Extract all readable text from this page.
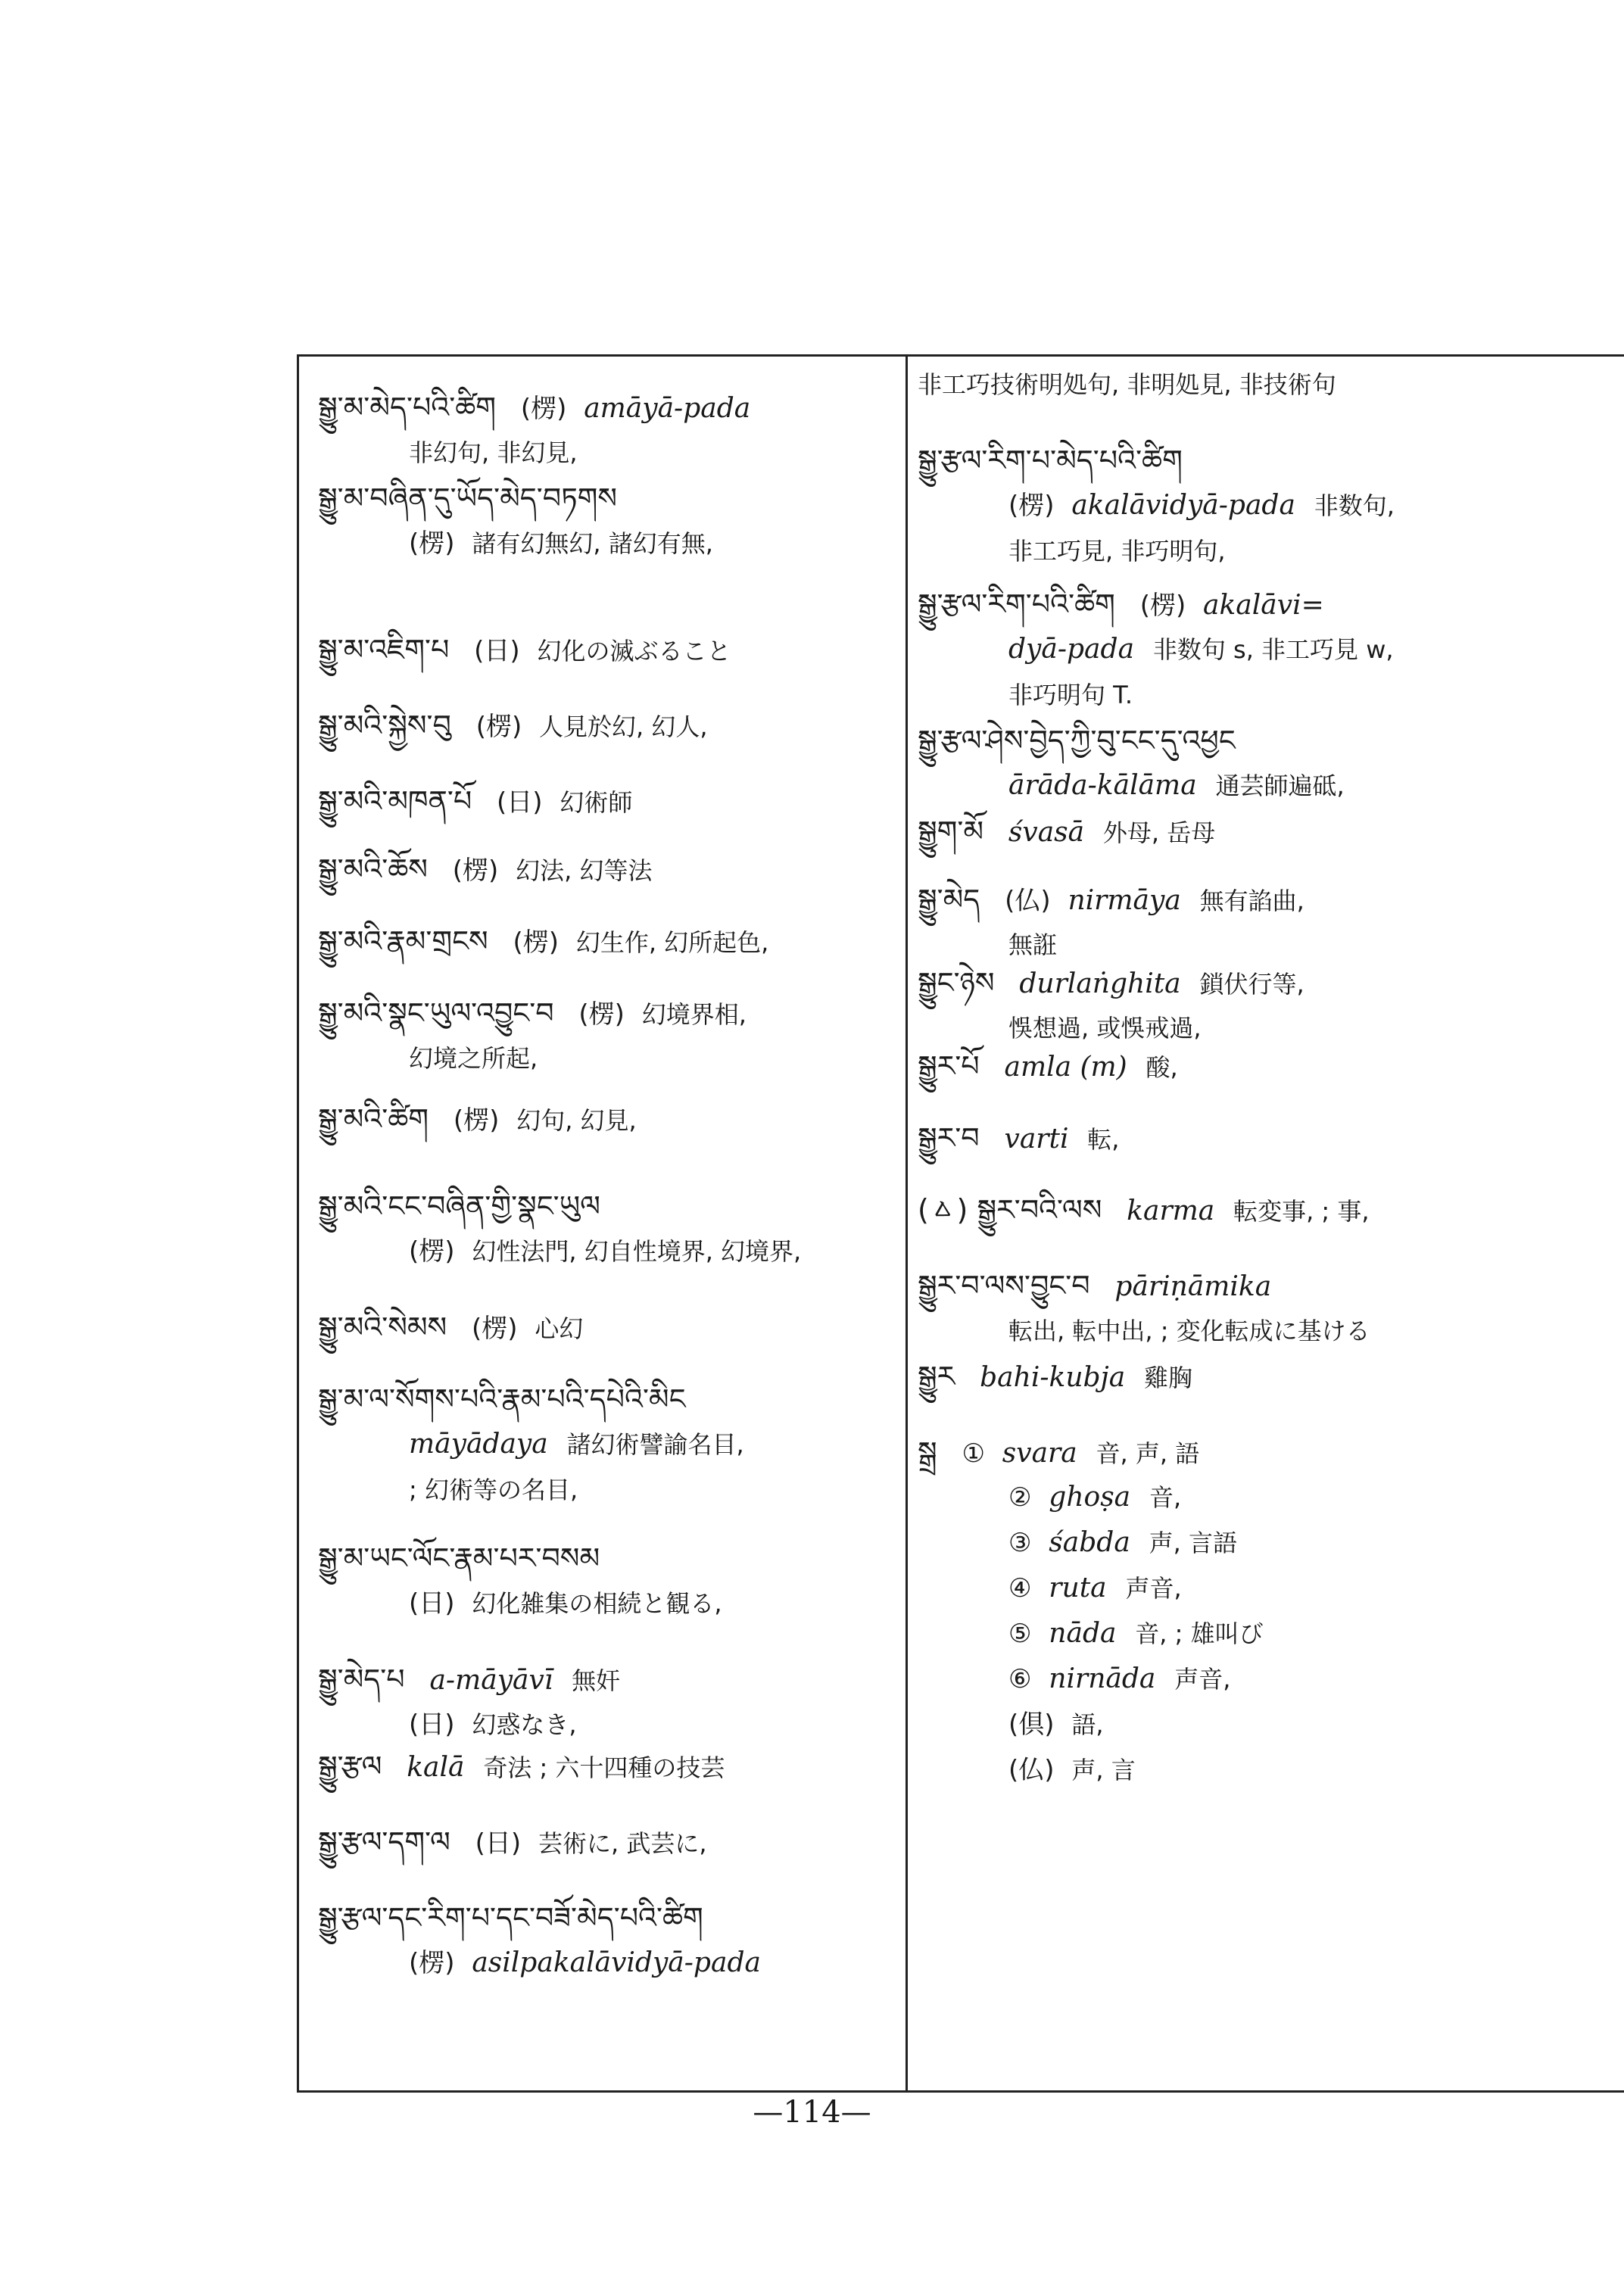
སྒྱུ་མ་མེད་པའི་ཚིག (楞) amāyā-pada
非幻句, 非幻見,
སྒྱུ་མ་བཞིན་དུ་ཡོད་མེད་བཏགས
(楞) 諸有幻無幻, 諸幻有無,
སྒྱུ་མ་འཇིག་པ (日) 幻化の滅ぶること
སྒྱུ་མའི་སྐྱེས་བུ (楞) 人見於幻, 幻人,
སྒྱུ་མའི་མཁན་པོ (日) 幻術師
སྒྱུ་མའི་ཆོས (楞) 幻法, 幻等法
སྒྱུ་མའི་རྣམ་གྲངས (楞) 幻生作, 幻所起色,
སྒྱུ་མའི་སྣང་ཡུལ་འབྱུང་བ (楞) 幻境界相,
幻境之所起,
སྒྱུ་མའི་ཚིག (楞) 幻句, 幻見,
སྒྱུ་མའི་ངང་བཞིན་གྱི་སྣང་ཡུལ
(楞) 幻性法門, 幻自性境界, 幻境界,
སྒྱུ་མའི་སེམས (楞) 心幻
སྒྱུ་མ་ལ་སོགས་པའི་རྣམ་པའི་དཔེའི་མིང
māyādaya 諸幻術譬諭名目,
; 幻術等の名目,
སྒྱུ་མ་ཡང་ལོང་རྣམ་པར་བསམ
(日) 幻化雑集の相続と観る,
སྒྱུ་མེད་པ a-māyāvī 無奸
(日) 幻惑なき,
སྒྱུ་རྩལ kalā 奇法 ; 六十四種の技芸
སྒྱུ་རྩལ་དག་ལ (日) 芸術に, 武芸に,
སྒྱུ་རྩལ་དང་རིག་པ་དང་བཟོ་མེད་པའི་ཚིག
(楞) asilpakalāvidyā-pada
非工巧技術明処句, 非明処見, 非技術句
སྒྱུ་རྩལ་རིག་པ་མེད་པའི་ཚིག
(楞) akalāvidyā-pada 非数句,
非工巧見, 非巧明句,
སྒྱུ་རྩལ་རིག་པའི་ཚིག (楞) akalāvi=
dyā-pada 非数句 s, 非工巧見 w,
非巧明句 T.
སྒྱུ་རྩལ་ཤེས་བྱེད་ཀྱི་བུ་ངང་དུ་འཕྱང
ārāda-kālāma 通芸師遍砥,
སྒྱུག་མོ śvasā 外母, 岳母
སྒྱུ་མེད (仏) nirmāya 無有諂曲,
無誑
སྒྱུང་ཉེས durlaṅghita 鎖伏行等,
悞想過, 或悞戒過,
སྒྱུར་པོ amla (m) 酸,
སྒྱུར་བ varti 転,
(ㅿ) སྒྱུར་བའི་ལས karma 転変事, ; 事,
སྒྱུར་བ་ལས་བྱུང་བ pāriṇāmika
転出, 転中出, ; 変化転成に基ける
སྒྱུར bahi-kubja 雞胸
སྒྲ ① svara 音, 声, 語
② ghoṣa 音,
③ śabda 声, 言語
④ ruta 声音,
⑤ nāda 音, ; 雄叫び
⑥ nirnāda 声音,
(倶) 語,
(仏) 声, 言
—114—
